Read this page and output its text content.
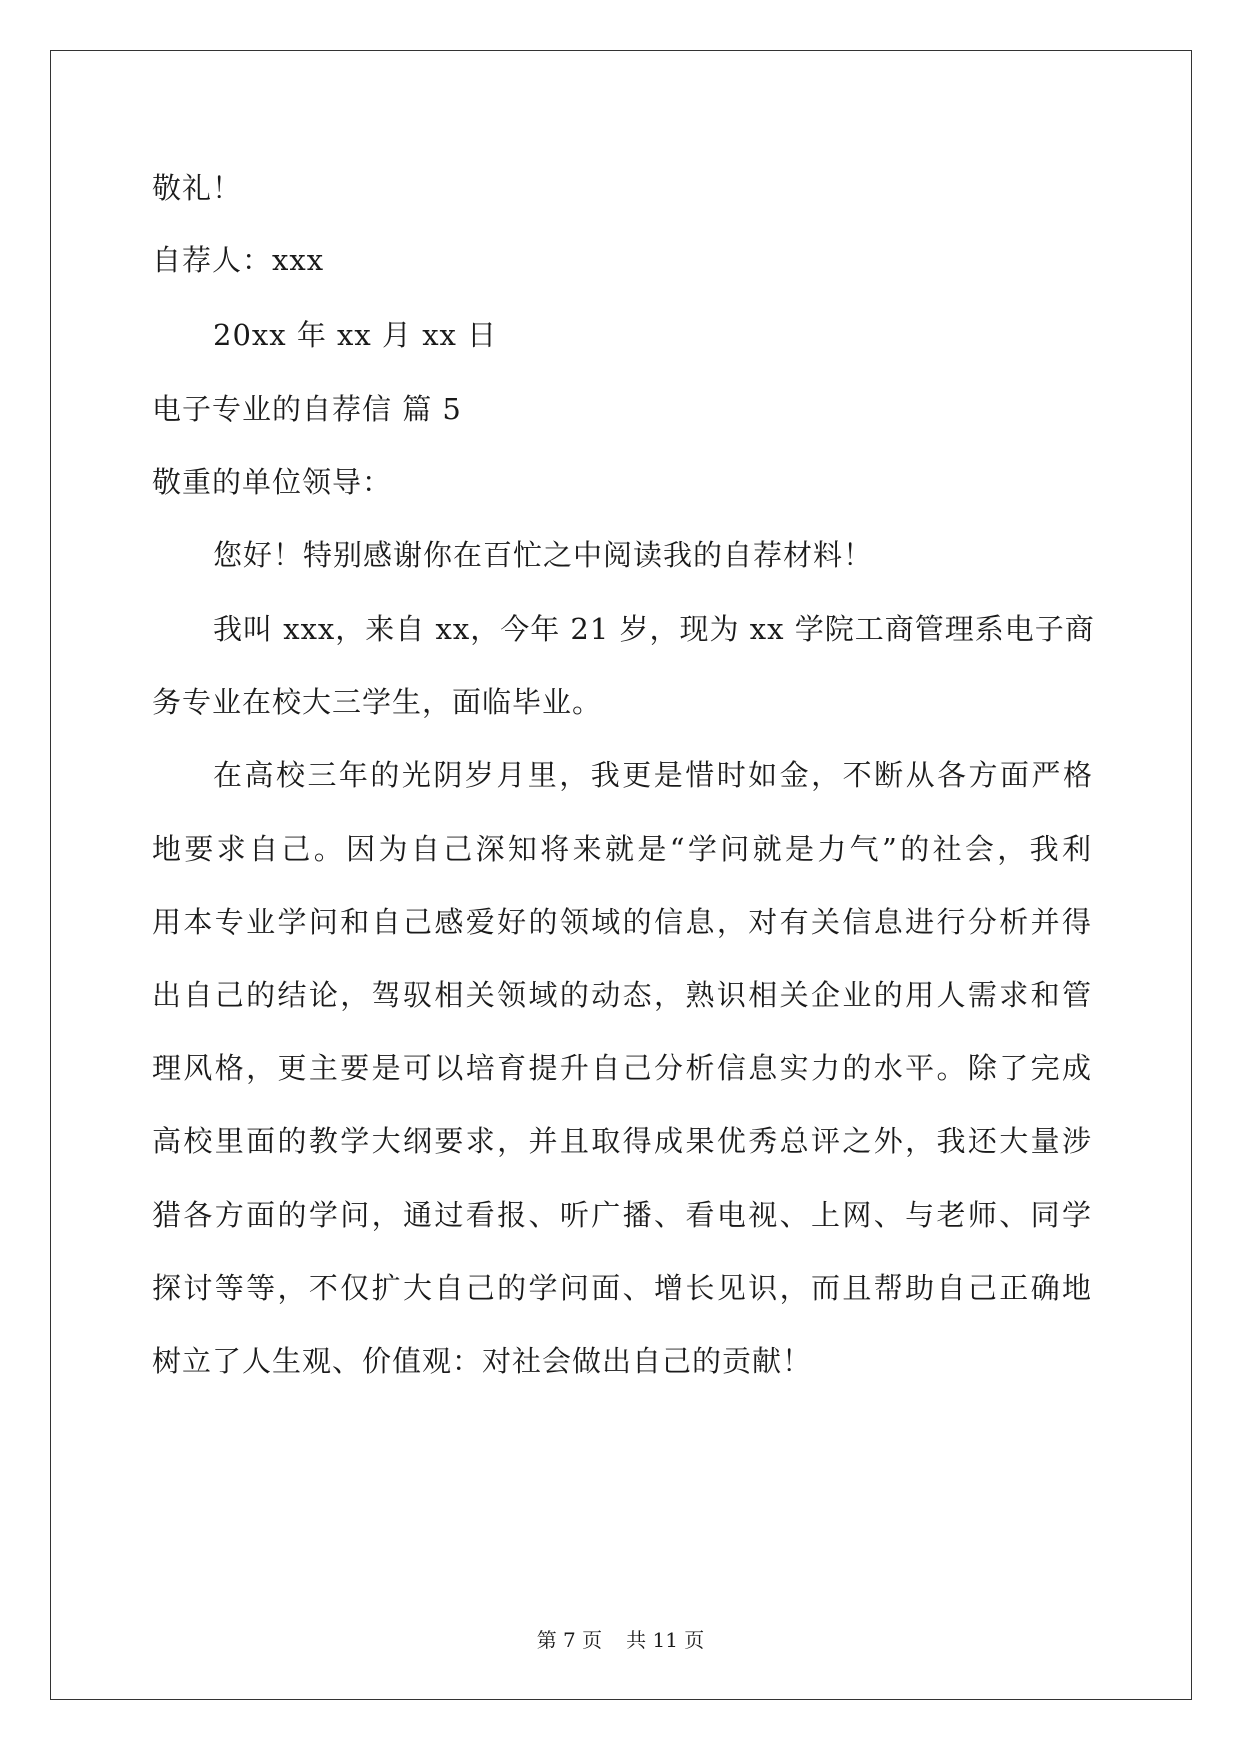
敬礼！
自荐人：xxx
20xx 年 xx 月 xx 日
电子专业的自荐信 篇 5
敬重的单位领导：
您好！特别感谢你在百忙之中阅读我的自荐材料！
我叫 xxx，来自 xx，今年 21 岁，现为 xx 学院工商管理系电子商
务专业在校大三学生，面临毕业。
在高校三年的光阴岁月里，我更是惜时如金，不断从各方面严格
地要求自己。因为自己深知将来就是“学问就是力气”的社会，我利
用本专业学问和自己感爱好的领域的信息，对有关信息进行分析并得
出自己的结论，驾驭相关领域的动态，熟识相关企业的用人需求和管
理风格，更主要是可以培育提升自己分析信息实力的水平。除了完成
高校里面的教学大纲要求，并且取得成果优秀总评之外，我还大量涉
猎各方面的学问，通过看报、听广播、看电视、上网、与老师、同学
探讨等等，不仅扩大自己的学问面、增长见识，而且帮助自己正确地
树立了人生观、价值观：对社会做出自己的贡献！
第 7 页 共 11 页
